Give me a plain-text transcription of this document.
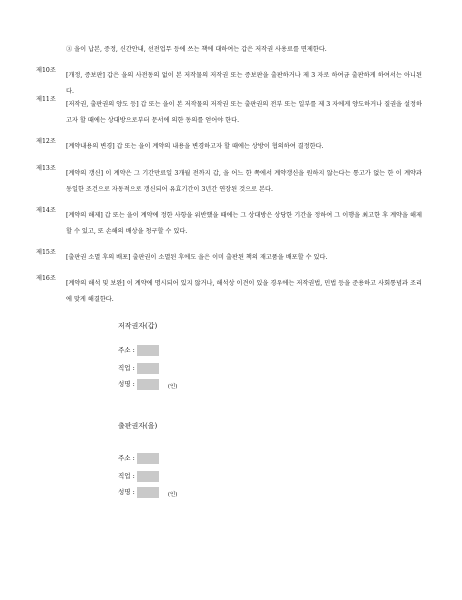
③ 을이 납본, 증정, 신간안내, 선전업무 등에 쓰는 책에 대하여는 갑은 저작권 사용료를 면제한다.
제10조
[개정, 증보판] 갑은 을의 사전동의 없이 본 저작물의 저작권 또는 증보판을 출판하거나 제 3 자로 하여금 출판하게 하여서는 아니된다.
제11조
[저작권, 출판권의 양도 등] 갑 또는 을이 본 저작물의 저작권 또는 출판권의 전부 또는 일부를 제 3 자에게 양도하거나 질권을 설정하고자 할 때에는 상대방으로부터 문서에 의한 동의를 얻어야 한다.
제12조
[계약내용의 변경] 갑 또는 을이 계약의 내용을 변경하고자 할 때에는 상방이 협의하여 결정한다.
제13조
[계약의 갱신] 이 계약은 그 기간만료일 3개월 전까지 갑, 을 어느 한 쪽에서 계약갱신을 원하지 않는다는 통고가 없는 한 이 계약과 동일한 조건으로 자동적으로 갱신되어 유효기간이 3년간 연장된 것으로 본다.
제14조
[계약의 해제] 갑 또는 을이 계약에 정한 사항을 위반했을 때에는 그 상대방은 상당한 기간을 정하여 그 이행을 최고한 후 계약을 해제할 수 있고, 또 손해의 배상을 청구할 수 있다.
제15조
[출판권 소멸 후의 배포] 출판권이 소멸된 후에도 을은 이미 출판된 책의 재고품을 배포할 수 있다.
제16조
[계약의 해석 및 보완] 이 계약에 명시되어 있지 않거나, 해석상 이견이 있을 경우에는 저작권법, 민법 등을 준용하고 사회통념과 조리에 맞게 해결한다.
저작권자(갑)
주소 :
직업 :
성명 :	(인)
출판권자(을)
주소 :
직업 :
성명 :	(인)
